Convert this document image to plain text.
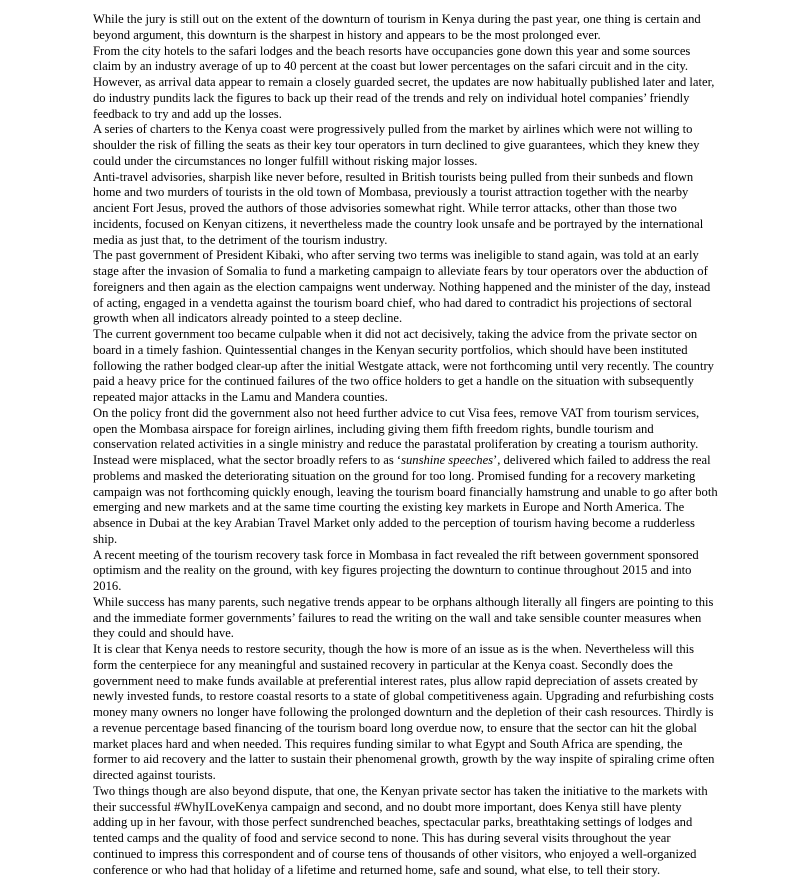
While the jury is still out on the extent of the downturn of tourism in Kenya during the past year, one thing is certain and beyond argument, this downturn is the sharpest in history and appears to be the most prolonged ever.

From the city hotels to the safari lodges and the beach resorts have occupancies gone down this year and some sources claim by an industry average of up to 40 percent at the coast but lower percentages on the safari circuit and in the city. However, as arrival data appear to remain a closely guarded secret, the updates are now habitually published later and later, do industry pundits lack the figures to back up their read of the trends and rely on individual hotel companies’ friendly feedback to try and add up the losses.

A series of charters to the Kenya coast were progressively pulled from the market by airlines which were not willing to shoulder the risk of filling the seats as their key tour operators in turn declined to give guarantees, which they knew they could under the circumstances no longer fulfill without risking major losses.

Anti-travel advisories, sharpish like never before, resulted in British tourists being pulled from their sunbeds and flown home and two murders of tourists in the old town of Mombasa, previously a tourist attraction together with the nearby ancient Fort Jesus, proved the authors of those advisories somewhat right. While terror attacks, other than those two incidents, focused on Kenyan citizens, it nevertheless made the country look unsafe and be portrayed by the international media as just that, to the detriment of the tourism industry.

The past government of President Kibaki, who after serving two terms was ineligible to stand again, was told at an early stage after the invasion of Somalia to fund a marketing campaign to alleviate fears by tour operators over the abduction of foreigners and then again as the election campaigns went underway. Nothing happened and the minister of the day, instead of acting, engaged in a vendetta against the tourism board chief, who had dared to contradict his projections of sectoral growth when all indicators already pointed to a steep decline.

The current government too became culpable when it did not act decisively, taking the advice from the private sector on board in a timely fashion. Quintessential changes in the Kenyan security portfolios, which should have been instituted following the rather bodged clear-up after the initial Westgate attack, were not forthcoming until very recently. The country paid a heavy price for the continued failures of the two office holders to get a handle on the situation with subsequently repeated major attacks in the Lamu and Mandera counties.

On the policy front did the government also not heed further advice to cut Visa fees, remove VAT from tourism services, open the Mombasa airspace for foreign airlines, including giving them fifth freedom rights, bundle tourism and conservation related activities in a single ministry and reduce the parastatal proliferation by creating a tourism authority. Instead were misplaced, what the sector broadly refers to as ‘sunshine speeches’, delivered which failed to address the real problems and masked the deteriorating situation on the ground for too long. Promised funding for a recovery marketing campaign was not forthcoming quickly enough, leaving the tourism board financially hamstrung and unable to go after both emerging and new markets and at the same time courting the existing key markets in Europe and North America. The absence in Dubai at the key Arabian Travel Market only added to the perception of tourism having become a rudderless ship.

A recent meeting of the tourism recovery task force in Mombasa in fact revealed the rift between government sponsored optimism and the reality on the ground, with key figures projecting the downturn to continue throughout 2015 and into 2016.

While success has many parents, such negative trends appear to be orphans although literally all fingers are pointing to this and the immediate former governments’ failures to read the writing on the wall and take sensible counter measures when they could and should have.

It is clear that Kenya needs to restore security, though the how is more of an issue as is the when. Nevertheless will this form the centerpiece for any meaningful and sustained recovery in particular at the Kenya coast. Secondly does the government need to make funds available at preferential interest rates, plus allow rapid depreciation of assets created by newly invested funds, to restore coastal resorts to a state of global competitiveness again. Upgrading and refurbishing costs money many owners no longer have following the prolonged downturn and the depletion of their cash resources. Thirdly is a revenue percentage based financing of the tourism board long overdue now, to ensure that the sector can hit the global market places hard and when needed. This requires funding similar to what Egypt and South Africa are spending, the former to aid recovery and the latter to sustain their phenomenal growth, growth by the way inspite of spiraling crime often directed against tourists.

Two things though are also beyond dispute, that one, the Kenyan private sector has taken the initiative to the markets with their successful #WhyILoveKenya campaign and second, and no doubt more important, does Kenya still have plenty adding up in her favour, with those perfect sundrenched beaches, spectacular parks, breathtaking settings of lodges and tented camps and the quality of food and service second to none. This has during several visits throughout the year continued to impress this correspondent and of course tens of thousands of other visitors, who enjoyed a well-organized conference or who had that holiday of a lifetime and returned home, safe and sound, what else, to tell their story.
